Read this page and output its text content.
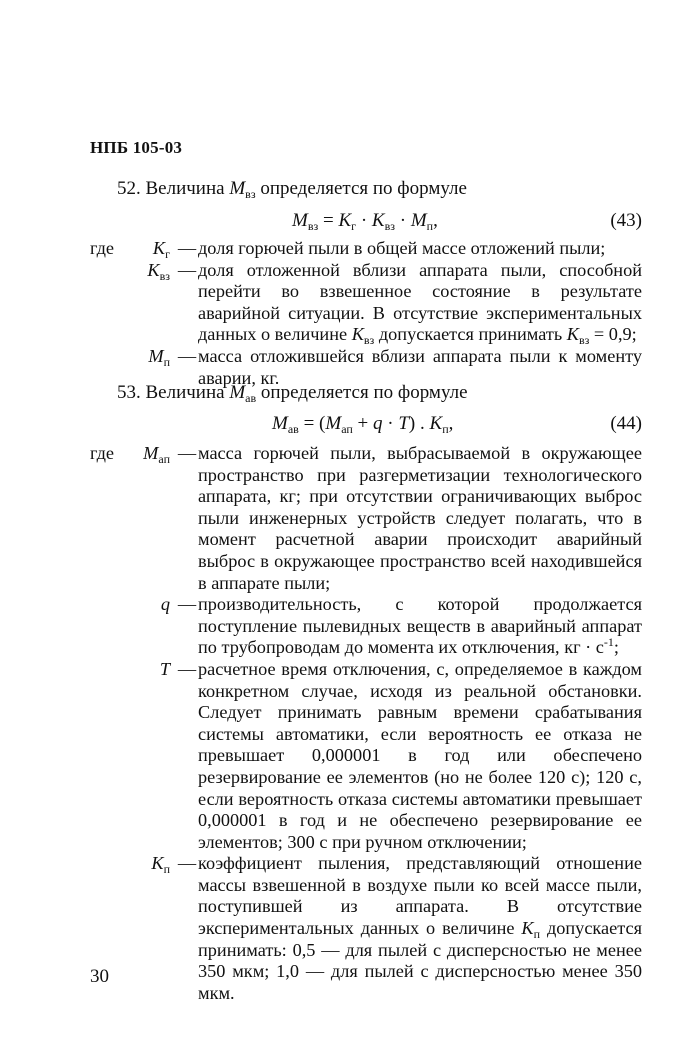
НПБ 105-03
52. Величина $M_{вз}$ определяется по формуле
$M_{вз} = K_г \cdot K_{вз} \cdot M_п$,	(43)
где	$K_г$ — доля горючей пыли в общей массе отложений пыли;
$K_{вз}$ — доля отложенной вблизи аппарата пыли, способной перейти во взвешенное состояние в результате аварийной ситуации. В отсутствие экспериментальных данных о величине $K_{вз}$ допускается принимать $K_{вз} = 0,9$;
$M_п$ — масса отложившейся вблизи аппарата пыли к моменту аварии, кг.
53. Величина $M_{ав}$ определяется по формуле
$M_{ав} = (M_{ап} + q \cdot T)$ . $K_п$,	(44)
где	$M_{ап}$ — масса горючей пыли, выбрасываемой в окружающее пространство при разгерметизации технологического аппарата, кг; при отсутствии ограничивающих выброс пыли инженерных устройств следует полагать, что в момент расчетной аварии происходит аварийный выброс в окружающее пространство всей находившейся в аппарате пыли;
q — производительность, с которой продолжается поступление пылевидных веществ в аварийный аппарат по трубопроводам до момента их отключения, кг · $с^{-1}$;
T — расчетное время отключения, с, определяемое в каждом конкретном случае, исходя из реальной обстановки. Следует принимать равным времени срабатывания системы автоматики, если вероятность ее отказа не превышает 0,000001 в год или обеспечено резервирование ее элементов (но не более 120 с); 120 с, если вероятность отказа системы автоматики превышает 0,000001 в год и не обеспечено резервирование ее элементов; 300 с при ручном отключении;
$K_п$ — коэффициент пыления, представляющий отношение массы взвешенной в воздухе пыли ко всей массе пыли, поступившей из аппарата. В отсутствие экспериментальных данных о величине $K_п$ допускается принимать: 0,5 — для пылей с дисперсностью не менее 350 мкм; 1,0 — для пылей с дисперсностью менее 350 мкм.
30
